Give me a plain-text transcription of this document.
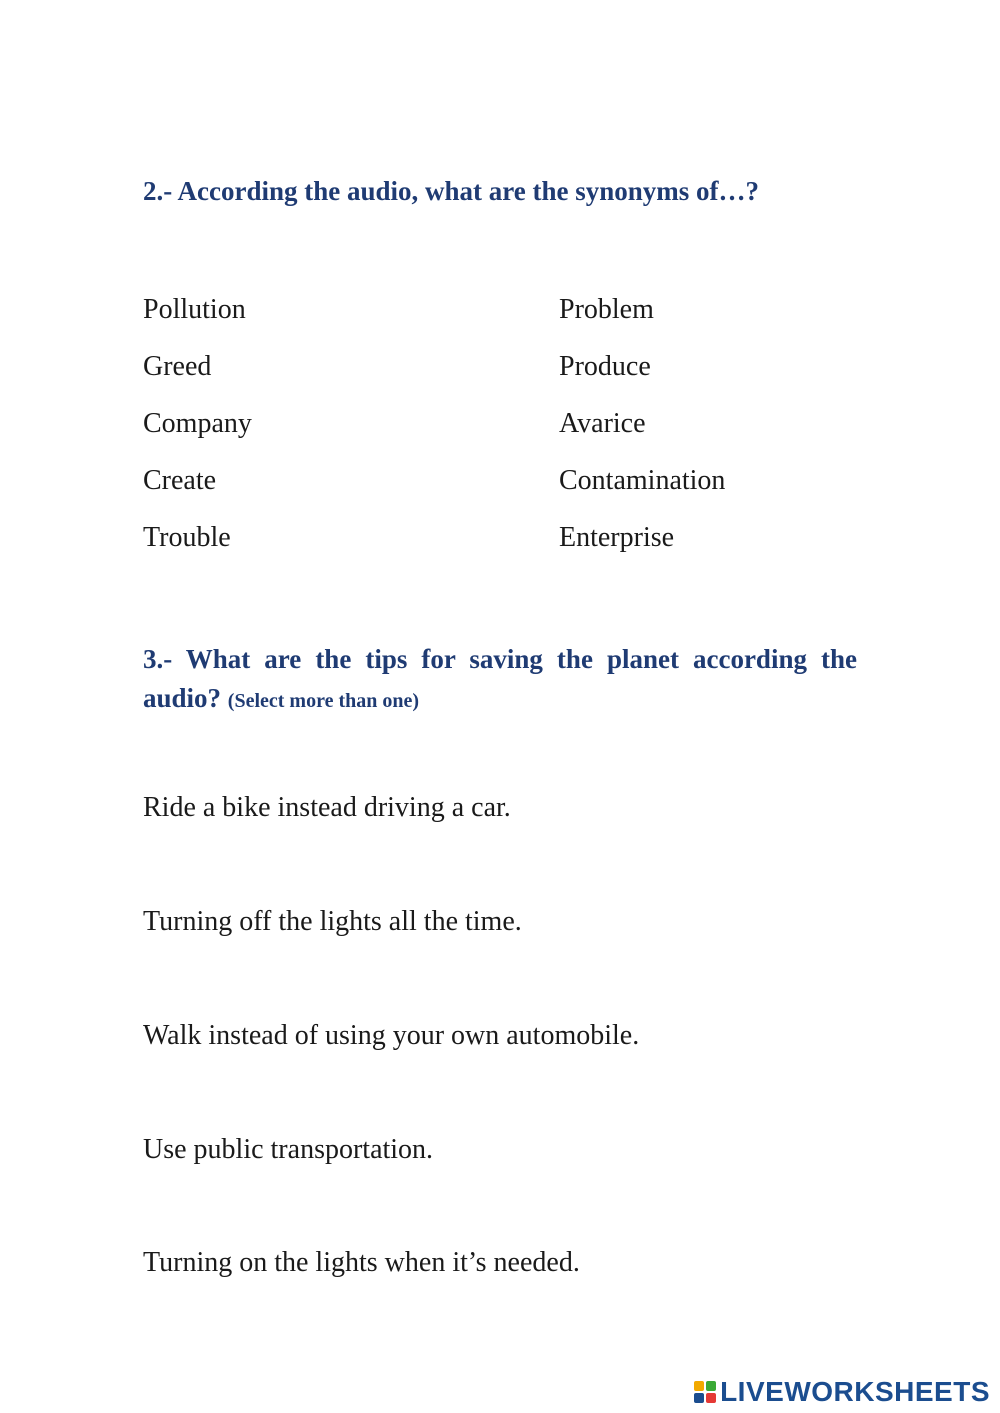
2.- According the audio, what are the synonyms of…?
Pollution
Greed
Company
Create
Trouble
Problem
Produce
Avarice
Contamination
Enterprise
3.- What are the tips for saving the planet according the audio? (Select more than one)
Ride a bike instead driving a car.
Turning off the lights all the time.
Walk instead of using your own automobile.
Use public transportation.
Turning on the lights when it’s needed.
LIVEWORKSHEETS
